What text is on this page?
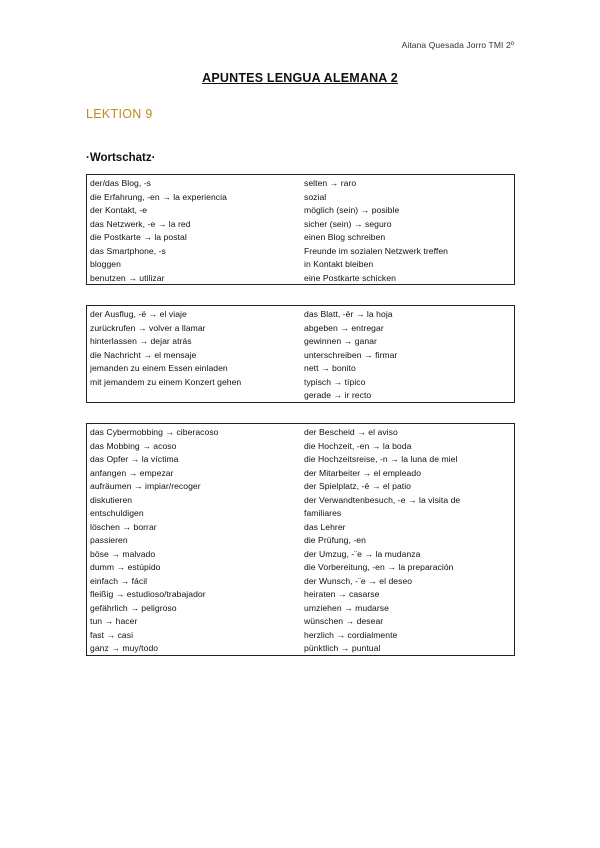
Aitana Quesada Jorro TMI 2º
APUNTES LENGUA ALEMANA 2
LEKTION 9
·Wortschatz·
der/das Blog, -s
die Erfahrung, -en → la experiencia
der Kontakt, -e
das Netzwerk, -e → la red
die Postkarte → la postal
das Smartphone, -s
bloggen
benutzen → utilizar
selten → raro
sozial
möglich (sein) → posible
sicher (sein) → seguro
einen Blog schreiben
Freunde im sozialen Netzwerk treffen
in Kontakt bleiben
eine Postkarte schicken
der Ausflug, -ё → el viaje
zurückrufen → volver a llamar
hinterlassen → dejar atrás
die Nachricht → el mensaje
jemanden zu einem Essen einladen
mit jemandem zu einem Konzert gehen
das Blatt, -ёr → la hoja
abgeben → entregar
gewinnen → ganar
unterschreiben → firmar
nett → bonito
typisch → típico
gerade → ir recto
das Cybermobbing → ciberacoso
das Mobbing → acoso
das Opfer → la víctima
anfangen → empezar
aufräumen → impiar/recoger
diskutieren
entschuldigen
löschen → borrar
passieren
böse → malvado
dumm → estúpido
einfach → fácil
fleißig → estudioso/trabajador
gefährlich → peligroso
tun → hacer
fast → casi
ganz → muy/todo
der Bescheid → el aviso
die Hochzeit, -en → la boda
die Hochzeitsreise, -n → la luna de miel
der Mitarbeiter → el empleado
der Spielplatz, -ё → el patio
der Verwandtenbesuch, -e → la visita de
familiares
das Lehrer
die Prüfung, -en
der Umzug, -¨e → la mudanza
die Vorbereitung, -en → la preparación
der Wunsch, -¨e → el deseo
heiraten → casarse
umziehen → mudarse
wünschen → desear
herzlich → cordialmente
pünktlich → puntual
